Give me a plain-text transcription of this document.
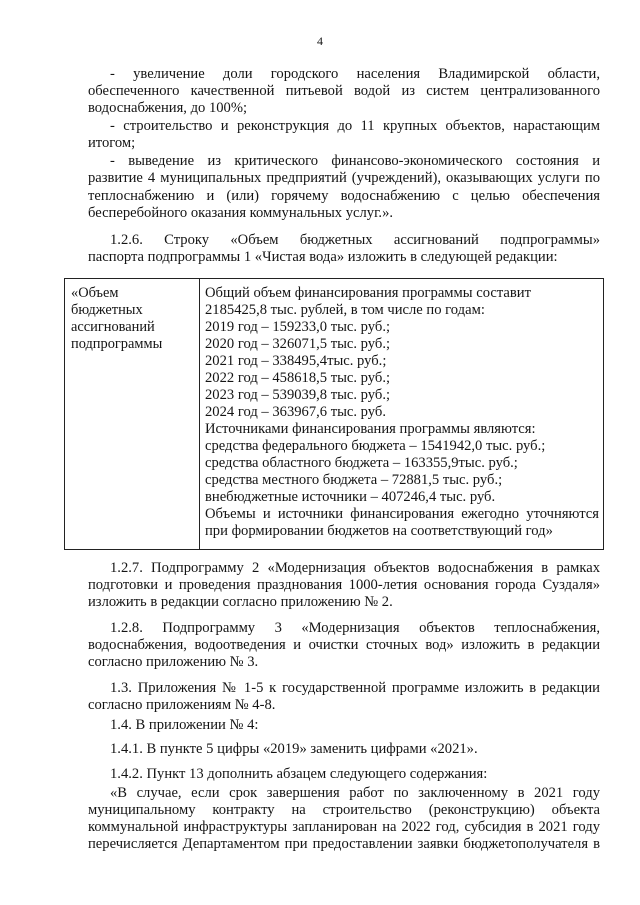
4
- увеличение доли городского населения Владимирской области,
обеспеченного качественной питьевой водой из систем централизованного
водоснабжения, до 100%;
- строительство и реконструкция до 11 крупных объектов, нарастающим
итогом;
- выведение из критического финансово-экономического состояния и
развитие 4 муниципальных предприятий (учреждений), оказывающих услуги по
теплоснабжению и (или) горячему водоснабжению с целью обеспечения
бесперебойного оказания коммунальных услуг.».
1.2.6. Строку «Объем бюджетных ассигнований подпрограммы»
паспорта подпрограммы 1 «Чистая вода» изложить в следующей редакции:
«Объем
бюджетных
ассигнований
подпрограммы
Общий объем финансирования программы составит
2185425,8 тыс. рублей, в том числе по годам:
2019 год – 159233,0 тыс. руб.;
2020 год – 326071,5 тыс. руб.;
2021 год – 338495,4тыс. руб.;
2022 год – 458618,5 тыс. руб.;
2023 год – 539039,8 тыс. руб.;
2024 год – 363967,6 тыс. руб.
Источниками финансирования программы являются:
средства федерального бюджета – 1541942,0 тыс. руб.;
средства областного бюджета – 163355,9тыс. руб.;
средства местного бюджета – 72881,5 тыс. руб.;
внебюджетные источники – 407246,4 тыс. руб.
Объемы и источники финансирования ежегодно уточняются
при формировании бюджетов на соответствующий год»
1.2.7. Подпрограмму 2 «Модернизация объектов водоснабжения в рамках
подготовки и проведения празднования 1000-летия основания города Суздаля»
изложить в редакции согласно приложению № 2.
1.2.8. Подпрограмму 3 «Модернизация объектов теплоснабжения,
водоснабжения, водоотведения и очистки сточных вод» изложить в редакции
согласно приложению № 3.
1.3. Приложения № 1-5 к государственной программе изложить в редакции
согласно приложениям № 4-8.
1.4. В приложении № 4:
1.4.1. В пункте 5 цифры «2019» заменить цифрами «2021».
1.4.2. Пункт 13 дополнить абзацем следующего содержания:
«В случае, если срок завершения работ по заключенному в 2021 году
муниципальному контракту на строительство (реконструкцию) объекта
коммунальной инфраструктуры запланирован на 2022 год, субсидия в 2021 году
перечисляется Департаментом при предоставлении заявки бюджетополучателя в
